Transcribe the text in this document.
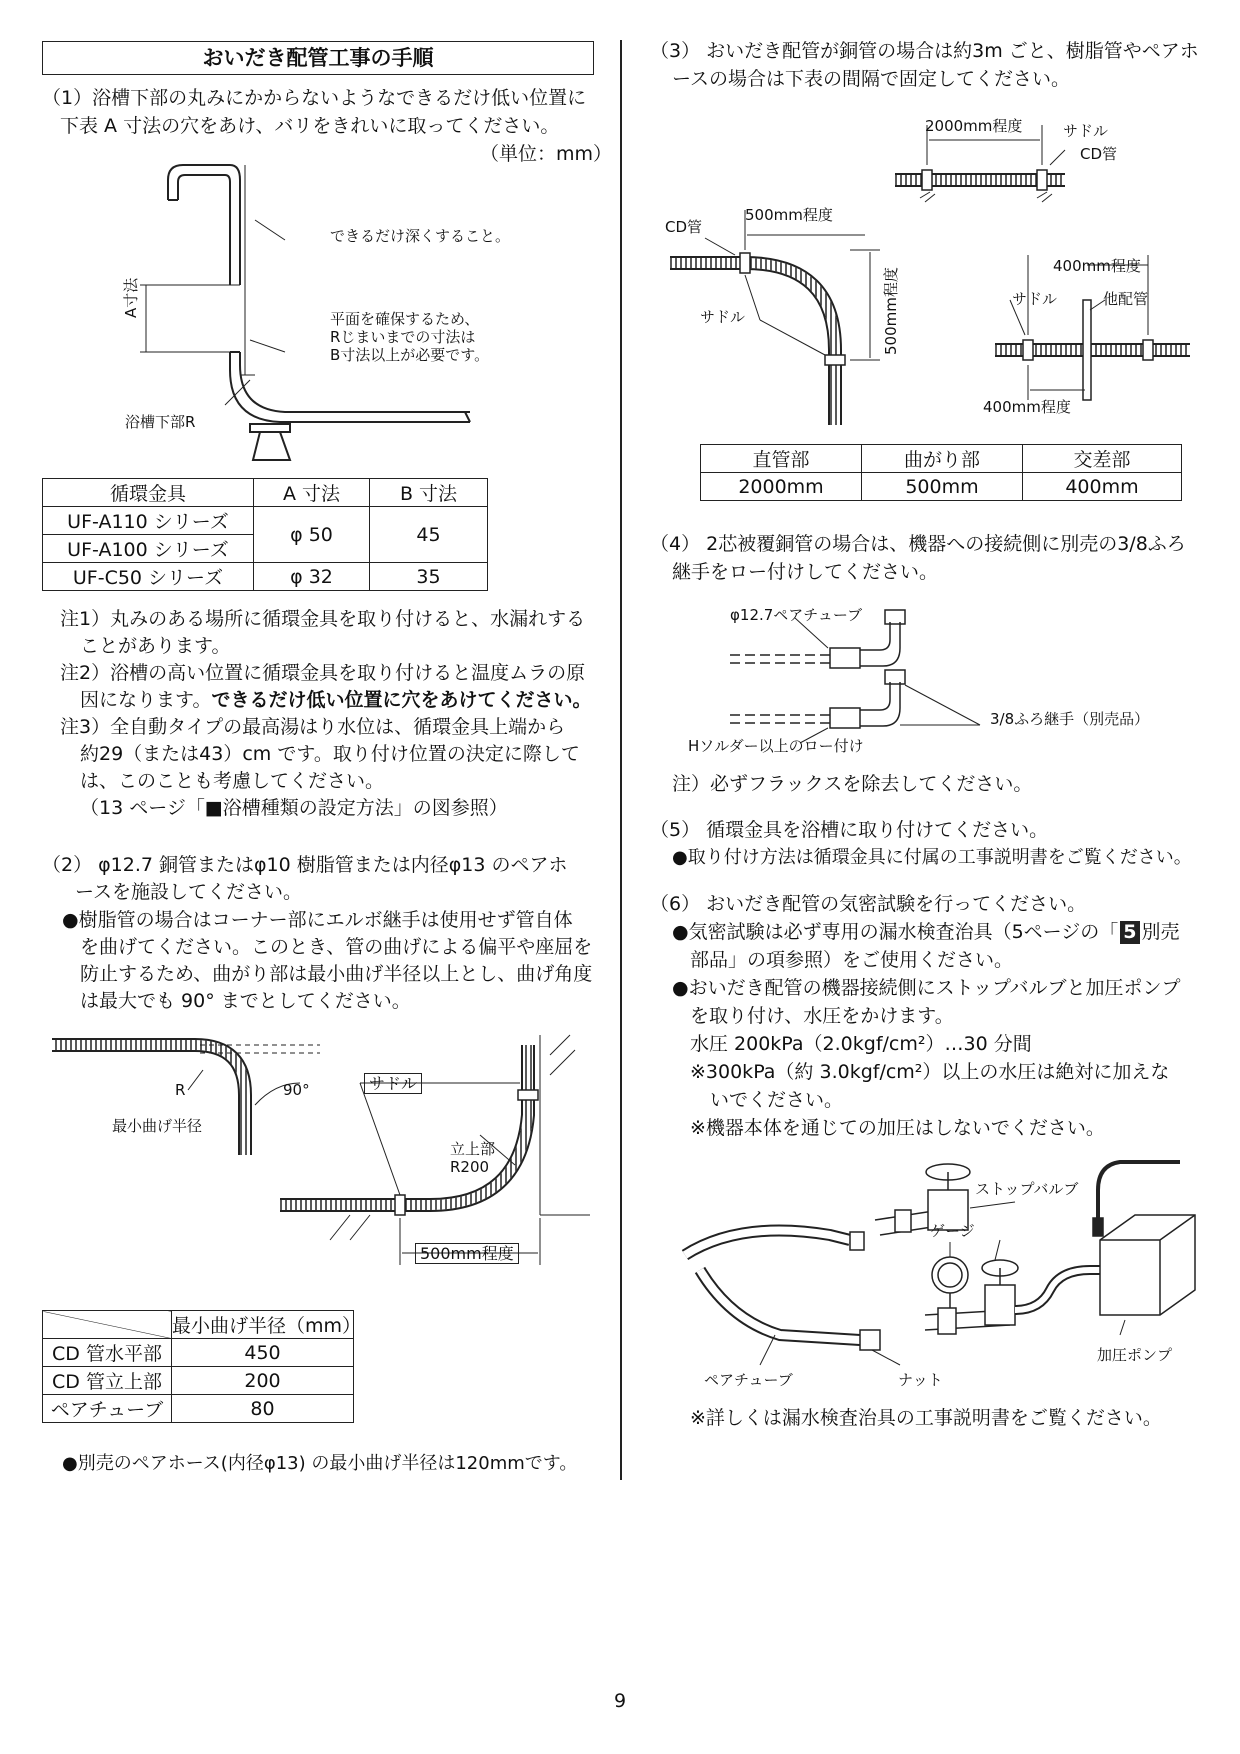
おいだき配管工事の手順
（1）浴槽下部の丸みにかからないようなできるだけ低い位置に
下表 A 寸法の穴をあけ、バリをきれいに取ってください。
（単位：mm）
できるだけ深くすること。
平面を確保するため、
Rじまいまでの寸法は
B寸法以上が必要です。
A寸法
浴槽下部R
循環金具	A 寸法	B 寸法
UF-A110 シリーズ	φ 50	45
UF-A100 シリーズ		
UF-C50 シリーズ	φ 32	35
注1）丸みのある場所に循環金具を取り付けると、水漏れする
ことがあります。
注2）浴槽の高い位置に循環金具を取り付けると温度ムラの原
因になります。できるだけ低い位置に穴をあけてください。
注3）全自動タイプの最高湯はり水位は、循環金具上端から
約29（または43）cm です。取り付け位置の決定に際して
は、このことも考慮してください。
（13 ページ「■浴槽種類の設定方法」の図参照）
（2） φ12.7 銅管またはφ10 樹脂管または内径φ13 のペアホ
ースを施設してください。
●樹脂管の場合はコーナー部にエルボ継手は使用せず管自体
を曲げてください。このとき、管の曲げによる偏平や座屈を
防止するため、曲がり部は最小曲げ半径以上とし、曲げ角度
は最大でも 90° までとしてください。
R	90°
最小曲げ半径
サドル
立上部
R200
500mm程度
	最小曲げ半径（mm）
CD 管水平部	450
CD 管立上部	200
ペアチューブ	80
●別売のペアホース(内径φ13) の最小曲げ半径は120mmです。
（3） おいだき配管が銅管の場合は約3m ごと、樹脂管やペアホ
ースの場合は下表の間隔で固定してください。
2000mm程度	サドル
CD管
500mm程度
CD管
サドル	500mm程度
400mm程度
サドル	他配管
400mm程度
直管部	曲がり部	交差部
2000mm	500mm	400mm
（4） 2芯被覆銅管の場合は、機器への接続側に別売の3/8ふろ
継手をロー付けしてください。
φ12.7ペアチューブ
3/8ふろ継手（別売品）
Hソルダー以上のロー付け
注）必ずフラックスを除去してください。
（5） 循環金具を浴槽に取り付けてください。
●取り付け方法は循環金具に付属の工事説明書をご覧ください。
（6） おいだき配管の気密試験を行ってください。
●気密試験は必ず専用の漏水検査治具（5ページの「 5 別売
部品」の項参照）をご使用ください。
●おいだき配管の機器接続側にストップバルブと加圧ポンプ
を取り付け、水圧をかけます。
水圧 200kPa（2.0kgf/cm²）…30 分間
※300kPa（約 3.0kgf/cm²）以上の水圧は絶対に加えな
いでください。
※機器本体を通じての加圧はしないでください。
ストップバルブ
ゲージ
加圧ポンプ
ペアチューブ	ナット
※詳しくは漏水検査治具の工事説明書をご覧ください。
9
